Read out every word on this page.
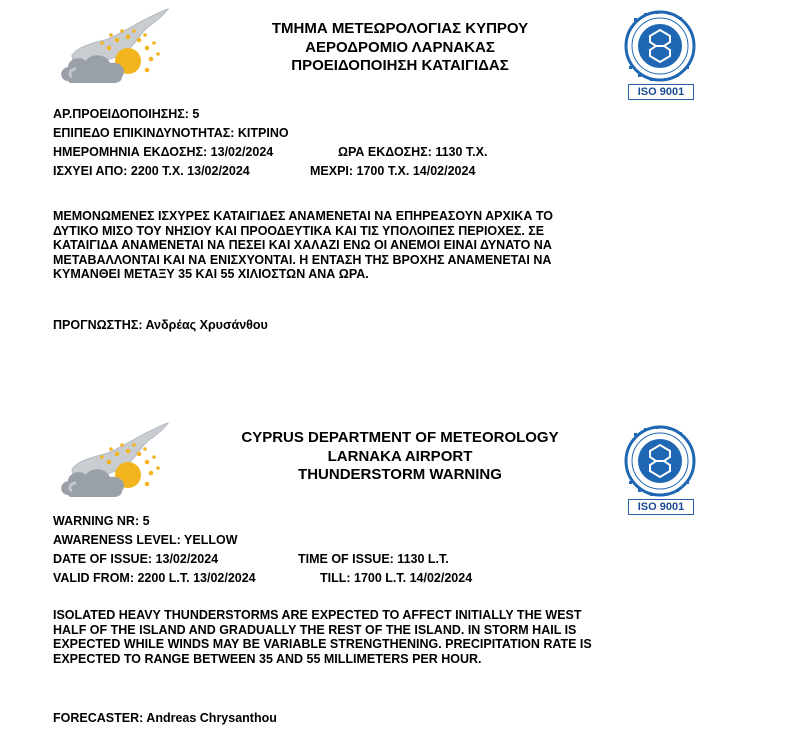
ΤΜΗΜΑ ΜΕΤΕΩΡΟΛΟΓΙΑΣ ΚΥΠΡΟΥ
ΑΕΡΟΔΡΟΜΙΟ ΛΑΡΝΑΚΑΣ
ΠΡΟΕΙΔΟΠΟΙΗΣΗ ΚΑΤΑΙΓΙΔΑΣ
ISO 9001
ΑΡ.ΠΡΟΕΙΔΟΠΟΙΗΣΗΣ: 5
ΕΠΙΠΕΔΟ ΕΠΙΚΙΝΔΥΝΟΤΗΤΑΣ: ΚΙΤΡΙΝΟ
ΗΜΕΡΟΜΗΝΙΑ ΕΚΔΟΣΗΣ: 13/02/2024	ΩΡΑ ΕΚΔΟΣΗΣ: 1130 Τ.Χ.
ΙΣΧΥΕΙ ΑΠΟ: 2200 Τ.Χ. 13/02/2024	ΜΕΧΡΙ: 1700 Τ.Χ. 14/02/2024
ΜΕΜΟΝΩΜΕΝΕΣ ΙΣΧΥΡΕΣ ΚΑΤΑΙΓΙΔΕΣ ΑΝΑΜΕΝΕΤΑΙ ΝΑ ΕΠΗΡΕΑΣΟΥΝ ΑΡΧΙΚΑ ΤΟ
ΔΥΤΙΚΟ ΜΙΣΟ ΤΟΥ ΝΗΣΙΟΥ ΚΑΙ ΠΡΟΟΔΕΥΤΙΚΑ ΚΑΙ ΤΙΣ ΥΠΟΛΟΙΠΕΣ ΠΕΡΙΟΧΕΣ. ΣΕ
ΚΑΤΑΙΓΙΔΑ ΑΝΑΜΕΝΕΤΑΙ ΝΑ ΠΕΣΕΙ ΚΑΙ ΧΑΛΑΖΙ ΕΝΩ ΟΙ ΑΝΕΜΟΙ ΕΙΝΑΙ ΔΥΝΑΤΟ ΝΑ
ΜΕΤΑΒΑΛΛΟΝΤΑΙ ΚΑΙ ΝΑ ΕΝΙΣΧΥΟΝΤΑΙ. Η ΕΝΤΑΣΗ ΤΗΣ ΒΡΟΧΗΣ ΑΝΑΜΕΝΕΤΑΙ ΝΑ
ΚΥΜΑΝΘΕΙ ΜΕΤΑΞΥ 35 ΚΑΙ 55 ΧΙΛΙΟΣΤΩΝ ΑΝΑ ΩΡΑ.
ΠΡΟΓΝΩΣΤΗΣ: Ανδρέας Χρυσάνθου
CYPRUS DEPARTMENT OF METEOROLOGY
LARNAKA AIRPORT
THUNDERSTORM WARNING
ISO 9001
WARNING NR: 5
AWARENESS LEVEL: YELLOW
DATE OF ISSUE: 13/02/2024	TIME OF ISSUE: 1130 L.T.
VALID FROM: 2200 L.T. 13/02/2024	TILL: 1700 L.T. 14/02/2024
ISOLATED HEAVY THUNDERSTORMS ARE EXPECTED TO AFFECT INITIALLY THE WEST
HALF OF THE ISLAND AND GRADUALLY THE REST OF THE ISLAND. IN STORM HAIL IS
EXPECTED WHILE WINDS MAY BE VARIABLE STRENGTHENING. PRECIPITATION RATE IS
EXPECTED TO RANGE BETWEEN 35 AND 55 MILLIMETERS PER HOUR.
FORECASTER: Andreas Chrysanthou
